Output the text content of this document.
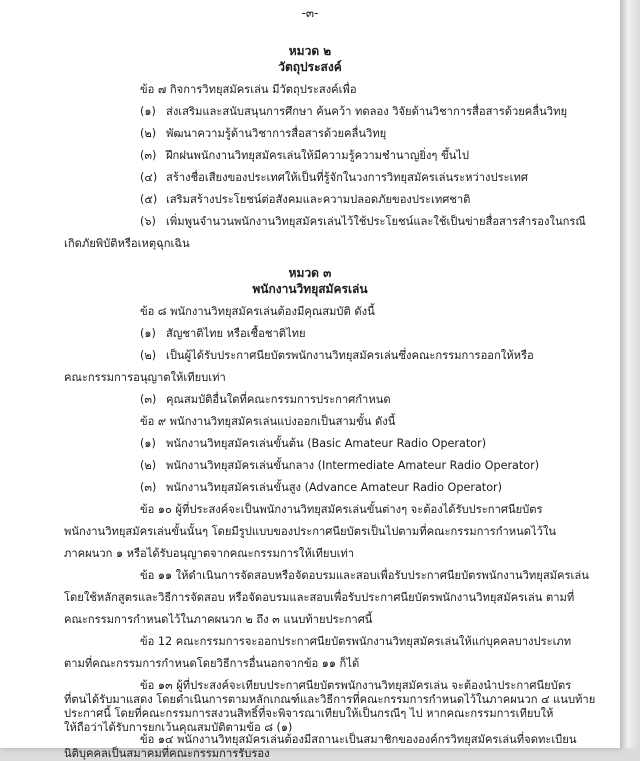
-๓-
หมวด ๒
วัตถุประสงค์
ข้อ ๗ กิจการวิทยุสมัครเล่น มีวัตถุประสงค์เพื่อ
(๑) ส่งเสริมและสนับสนุนการศึกษา ค้นคว้า ทดลอง วิจัยด้านวิชาการสื่อสารด้วยคลื่นวิทยุ
(๒) พัฒนาความรู้ด้านวิชาการสื่อสารด้วยคลื่นวิทยุ
(๓) ฝึกฝนพนักงานวิทยุสมัครเล่นให้มีความรู้ความชำนาญยิ่งๆ ขึ้นไป
(๔) สร้างชื่อเสียงของประเทศให้เป็นที่รู้จักในวงการวิทยุสมัครเล่นระหว่างประเทศ
(๕) เสริมสร้างประโยชน์ต่อสังคมและความปลอดภัยของประเทศชาติ
(๖) เพิ่มพูนจำนวนพนักงานวิทยุสมัครเล่นไว้ใช้ประโยชน์และใช้เป็นข่ายสื่อสารสำรองในกรณี
เกิดภัยพิบัติหรือเหตุฉุกเฉิน
หมวด ๓
พนักงานวิทยุสมัครเล่น
ข้อ ๘ พนักงานวิทยุสมัครเล่นต้องมีคุณสมบัติ ดังนี้
(๑) สัญชาติไทย หรือเชื้อชาติไทย
(๒) เป็นผู้ได้รับประกาศนียบัตรพนักงานวิทยุสมัครเล่นซึ่งคณะกรรมการออกให้หรือ
คณะกรรมการอนุญาตให้เทียบเท่า
(๓) คุณสมบัติอื่นใดที่คณะกรรมการประกาศกำหนด
ข้อ ๙ พนักงานวิทยุสมัครเล่นแบ่งออกเป็นสามขั้น ดังนี้
(๑) พนักงานวิทยุสมัครเล่นขั้นต้น (Basic Amateur Radio Operator)
(๒) พนักงานวิทยุสมัครเล่นขั้นกลาง (Intermediate Amateur Radio Operator)
(๓) พนักงานวิทยุสมัครเล่นขั้นสูง (Advance Amateur Radio Operator)
ข้อ ๑๐ ผู้ที่ประสงค์จะเป็นพนักงานวิทยุสมัครเล่นขั้นต่างๆ จะต้องได้รับประกาศนียบัตร
พนักงานวิทยุสมัครเล่นขั้นนั้นๆ โดยมีรูปแบบของประกาศนียบัตรเป็นไปตามที่คณะกรรมการกำหนดไว้ใน
ภาคผนวก ๑ หรือได้รับอนุญาตจากคณะกรรมการให้เทียบเท่า
ข้อ ๑๑ ให้ดำเนินการจัดสอบหรือจัดอบรมและสอบเพื่อรับประกาศนียบัตรพนักงานวิทยุสมัครเล่น
โดยใช้หลักสูตรและวิธีการจัดสอบ หรือจัดอบรมและสอบเพื่อรับประกาศนียบัตรพนักงานวิทยุสมัครเล่น ตามที่
คณะกรรมการกำหนดไว้ในภาคผนวก ๒ ถึง ๓ แนบท้ายประกาศนี้
ข้อ 12 คณะกรรมการจะออกประกาศนียบัตรพนักงานวิทยุสมัครเล่นให้แก่บุคคลบางประเภท
ตามที่คณะกรรมการกำหนดโดยวิธีการอื่นนอกจากข้อ ๑๑ ก็ได้
ข้อ ๑๓ ผู้ที่ประสงค์จะเทียบประกาศนียบัตรพนักงานวิทยุสมัครเล่น จะต้องนำประกาศนียบัตร
ที่ตนได้รับมาแสดง โดยดำเนินการตามหลักเกณฑ์และวิธีการที่คณะกรรมการกำหนดไว้ในภาคผนวก ๔ แนบท้าย
ประกาศนี้ โดยที่คณะกรรมการสงวนสิทธิ์ที่จะพิจารณาเทียบให้เป็นกรณีๆ ไป หากคณะกรรมการเทียบให้
ให้ถือว่าได้รับการยกเว้นคุณสมบัติตามข้อ ๘ (๑)
ข้อ ๑๔ พนักงานวิทยุสมัครเล่นต้องมีสถานะเป็นสมาชิกขององค์กรวิทยุสมัครเล่นที่จดทะเบียน
นิติบุคคลเป็นสมาคมที่คณะกรรมการรับรอง
